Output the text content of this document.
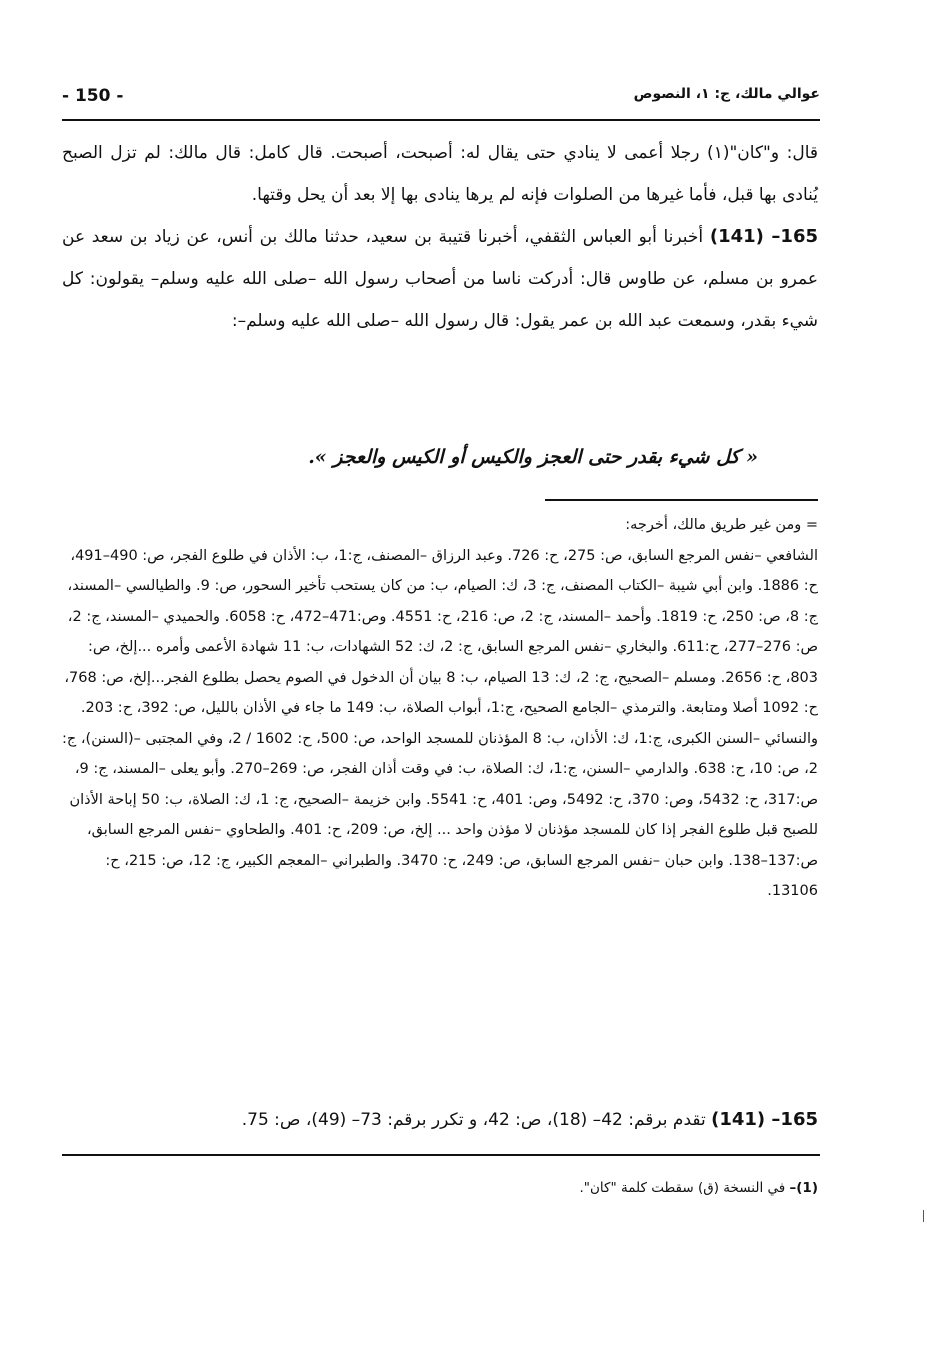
- 150 -	عوالي مالك، ج: ١، النصوص

قال: و"كان"(١) رجلا أعمى لا ينادي حتى يقال له: أصبحت، أصبحت. قال كامل: قال مالك: لم تزل الصبح يُنادى بها قبل، فأما غيرها من الصلوات فإنه لم يرها ينادى بها إلا بعد أن يحل وقتها.

165– (141) أخبرنا أبو العباس الثقفي، أخبرنا قتيبة بن سعيد، حدثنا مالك بن أنس، عن زياد بن سعد عن عمرو بن مسلم، عن طاوس قال: أدركت ناسا من أصحاب رسول الله –صلى الله عليه وسلم– يقولون: كل شيء بقدر، وسمعت عبد الله بن عمر يقول: قال رسول الله –صلى الله عليه وسلم–:

« كل شيء بقدر حتى العجز والكيس أو الكيس والعجز ».

= ومن غير طريق مالك، أخرجه:

الشافعي –نفس المرجع السابق، ص: 275، ح: 726. وعبد الرزاق –المصنف، ج:1، ب: الأذان في طلوع الفجر، ص: 490–491، ح: 1886. وابن أبي شيبة –الكتاب المصنف، ج: 3، ك: الصيام، ب: من كان يستحب تأخير السحور، ص: 9. والطيالسي –المسند، ج: 8، ص: 250، ح: 1819. وأحمد –المسند، ج: 2، ص: 216، ح: 4551. وص:471–472، ح: 6058. والحميدي –المسند، ج: 2، ص: 276–277، ح:611. والبخاري –نفس المرجع السابق، ج: 2، ك: 52 الشهادات، ب: 11 شهادة الأعمى وأمره ...إلخ، ص: 803، ح: 2656. ومسلم –الصحيح، ج: 2، ك: 13 الصيام، ب: 8 بيان أن الدخول في الصوم يحصل بطلوع الفجر...إلخ، ص: 768، ح: 1092 أصلا ومتابعة. والترمذي –الجامع الصحيح، ج:1، أبواب الصلاة، ب: 149 ما جاء في الأذان بالليل، ص: 392، ح: 203. والنسائي –السنن الكبرى، ج:1، ك: الأذان، ب: 8 المؤذنان للمسجد الواحد، ص: 500، ح: 1602 / 2، وفي المجتبى –(السنن)، ج: 2، ص: 10، ح: 638. والدارمي –السنن، ج:1، ك: الصلاة، ب: في وقت أذان الفجر، ص: 269–270. وأبو يعلى –المسند، ج: 9، ص:317، ح: 5432، وص: 370، ح: 5492، وص: 401، ح: 5541. وابن خزيمة –الصحيح، ج: 1، ك: الصلاة، ب: 50 إباحة الأذان للصبح قبل طلوع الفجر إذا كان للمسجد مؤذنان لا مؤذن واحد ... إلخ، ص: 209، ح: 401. والطحاوي –نفس المرجع السابق، ص:137–138. وابن حبان –نفس المرجع السابق، ص: 249، ح: 3470. والطبراني –المعجم الكبير، ج: 12، ص: 215، ح: 13106.

165– (141) تقدم برقم: 42– (18)، ص: 42، و تكرر برقم: 73– (49)، ص: 75.
(1)– في النسخة (ق) سقطت كلمة "كان".
